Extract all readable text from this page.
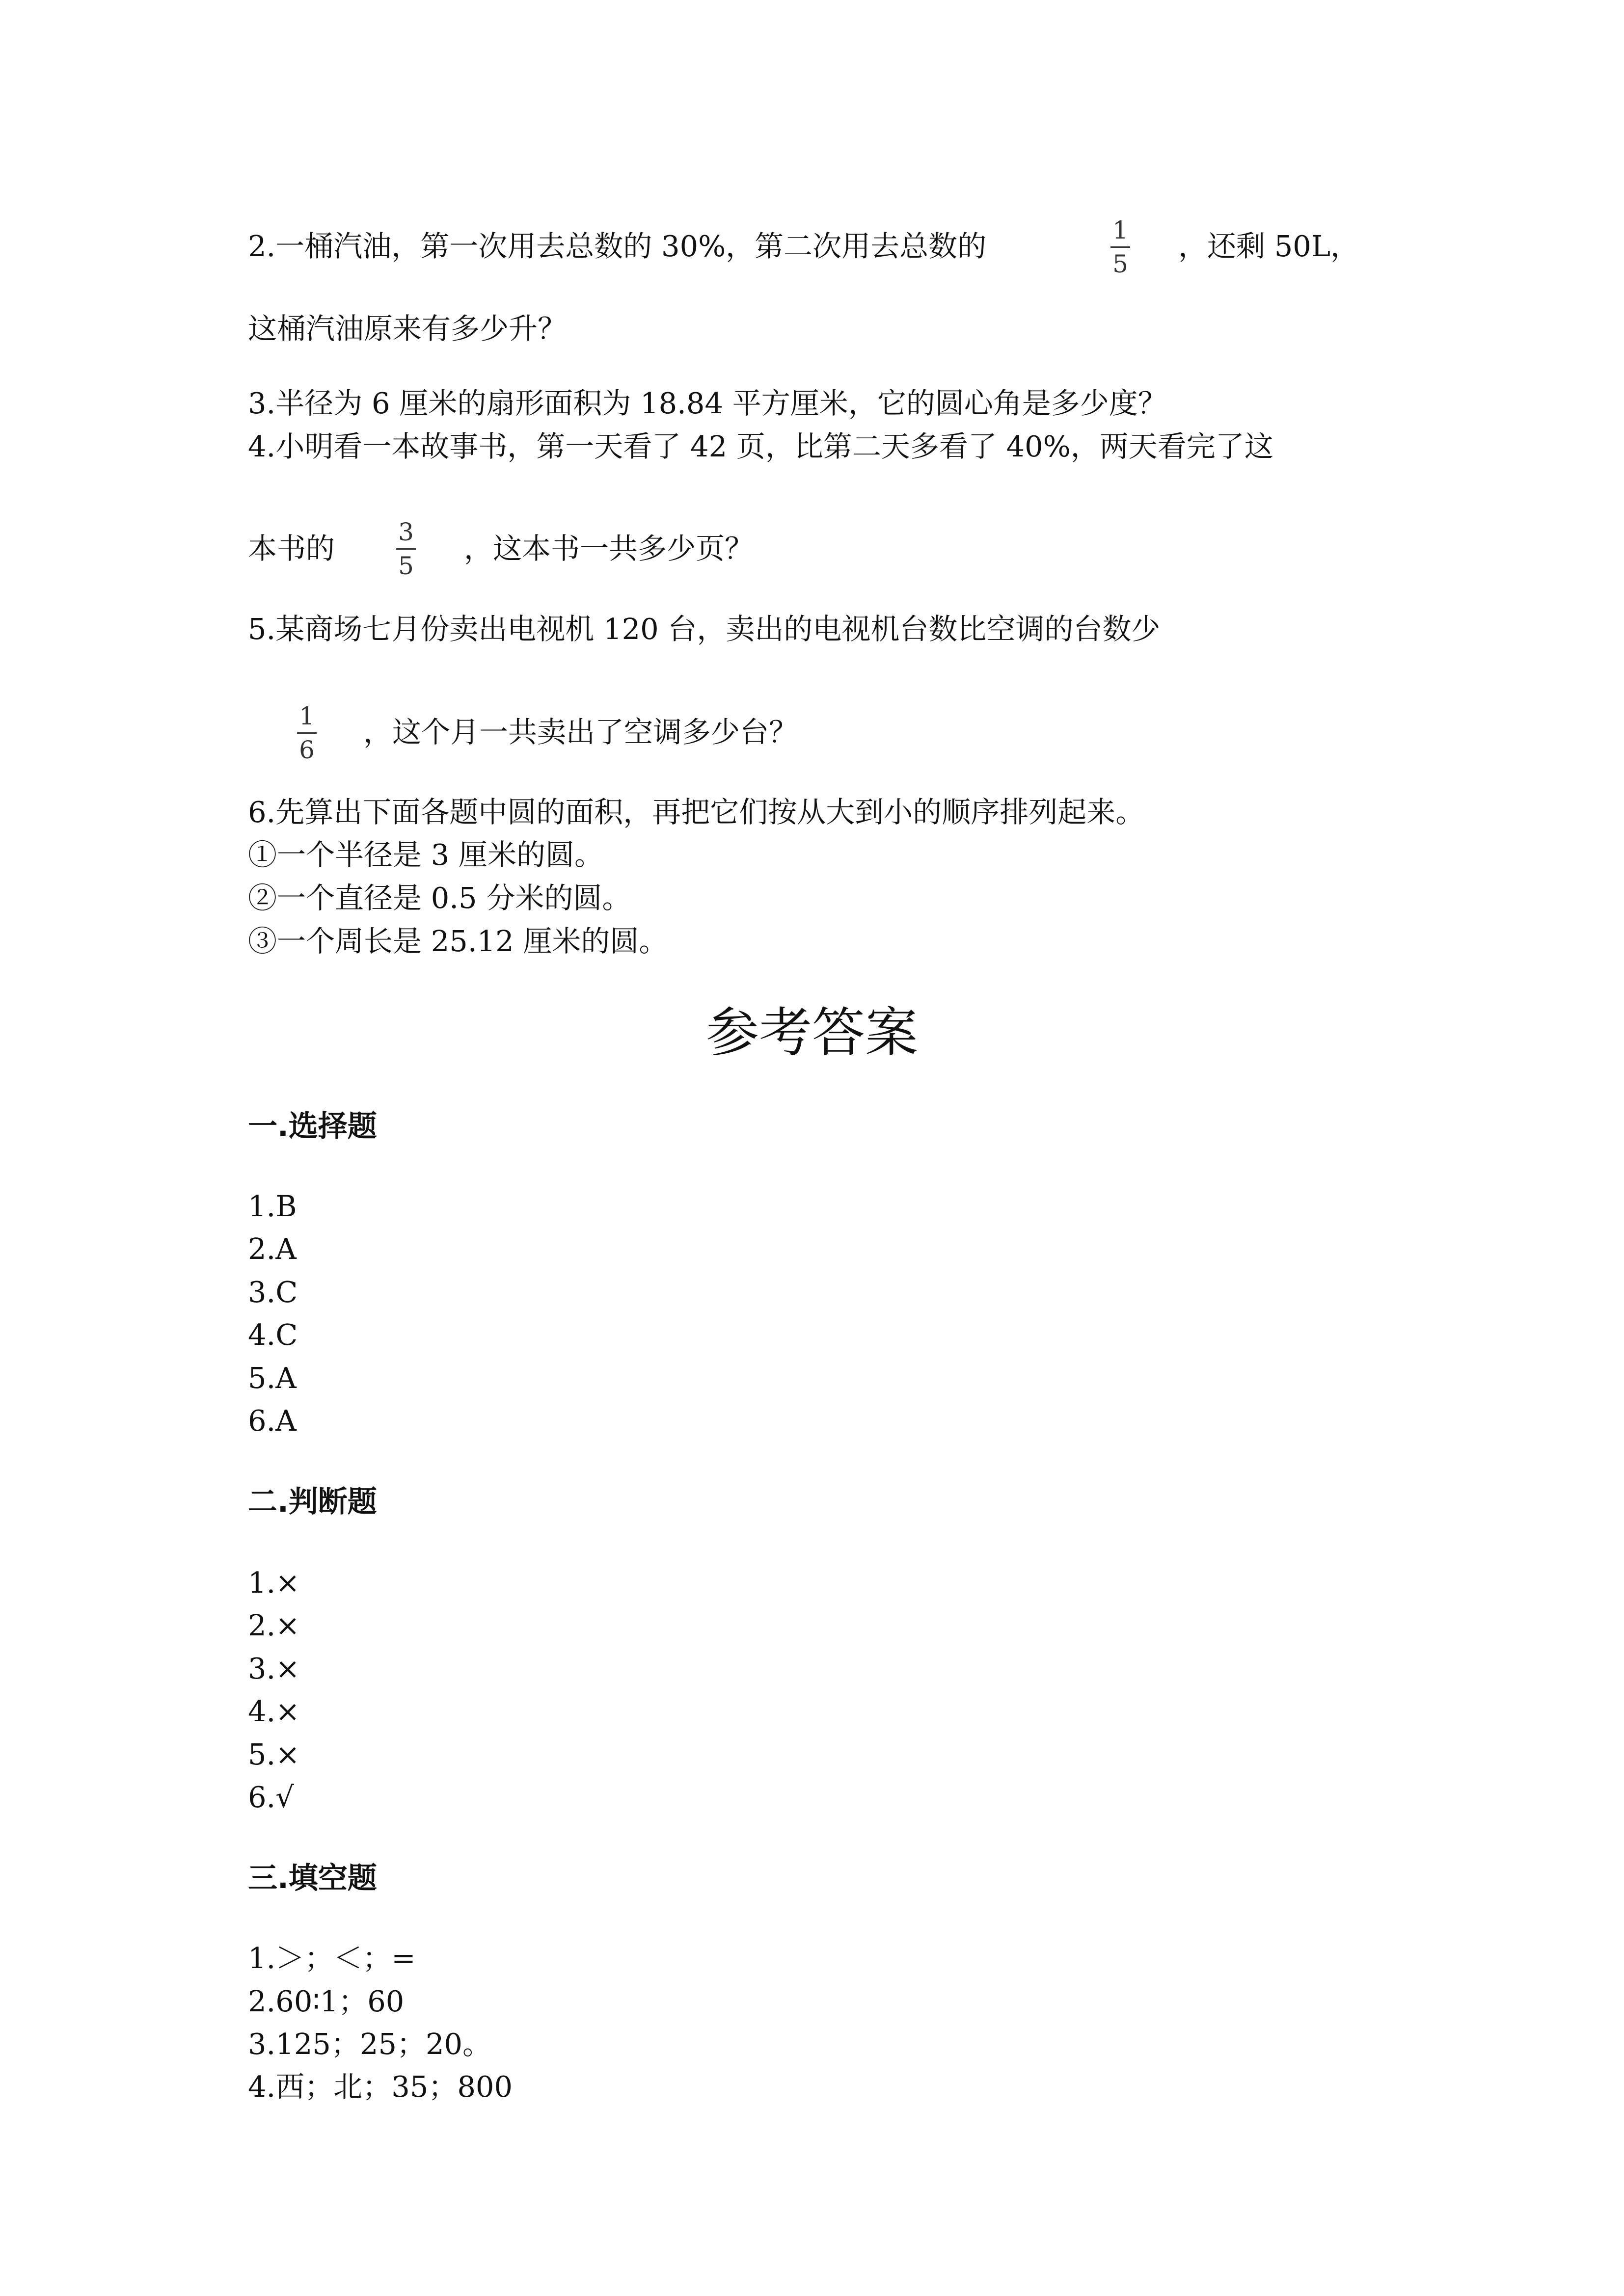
2.一桶汽油，第一次用去总数的 30%，第二次用去总数的	1
5
，还剩 50L，
这桶汽油原来有多少升？
3.半径为 6 厘米的扇形面积为 18.84 平方厘米，它的圆心角是多少度？
4.小明看一本故事书，第一天看了 42 页，比第二天多看了 40%，两天看完了这
本书的	3
5
，这本书一共多少页？
5.某商场七月份卖出电视机 120 台，卖出的电视机台数比空调的台数少
1
6
，这个月一共卖出了空调多少台？
6.先算出下面各题中圆的面积，再把它们按从大到小的顺序排列起来。
①一个半径是 3 厘米的圆。
②一个直径是 0.5 分米的圆。
③一个周长是 25.12 厘米的圆。
参考答案
一.选择题
1.B
2.A
3.C
4.C
5.A
6.A
二.判断题
1.×
2.×
3.×
4.×
5.×
6.√
三.填空题
1.＞；＜；=
2.60∶1；60
3.125；25；20。
4.西；北；35；800
